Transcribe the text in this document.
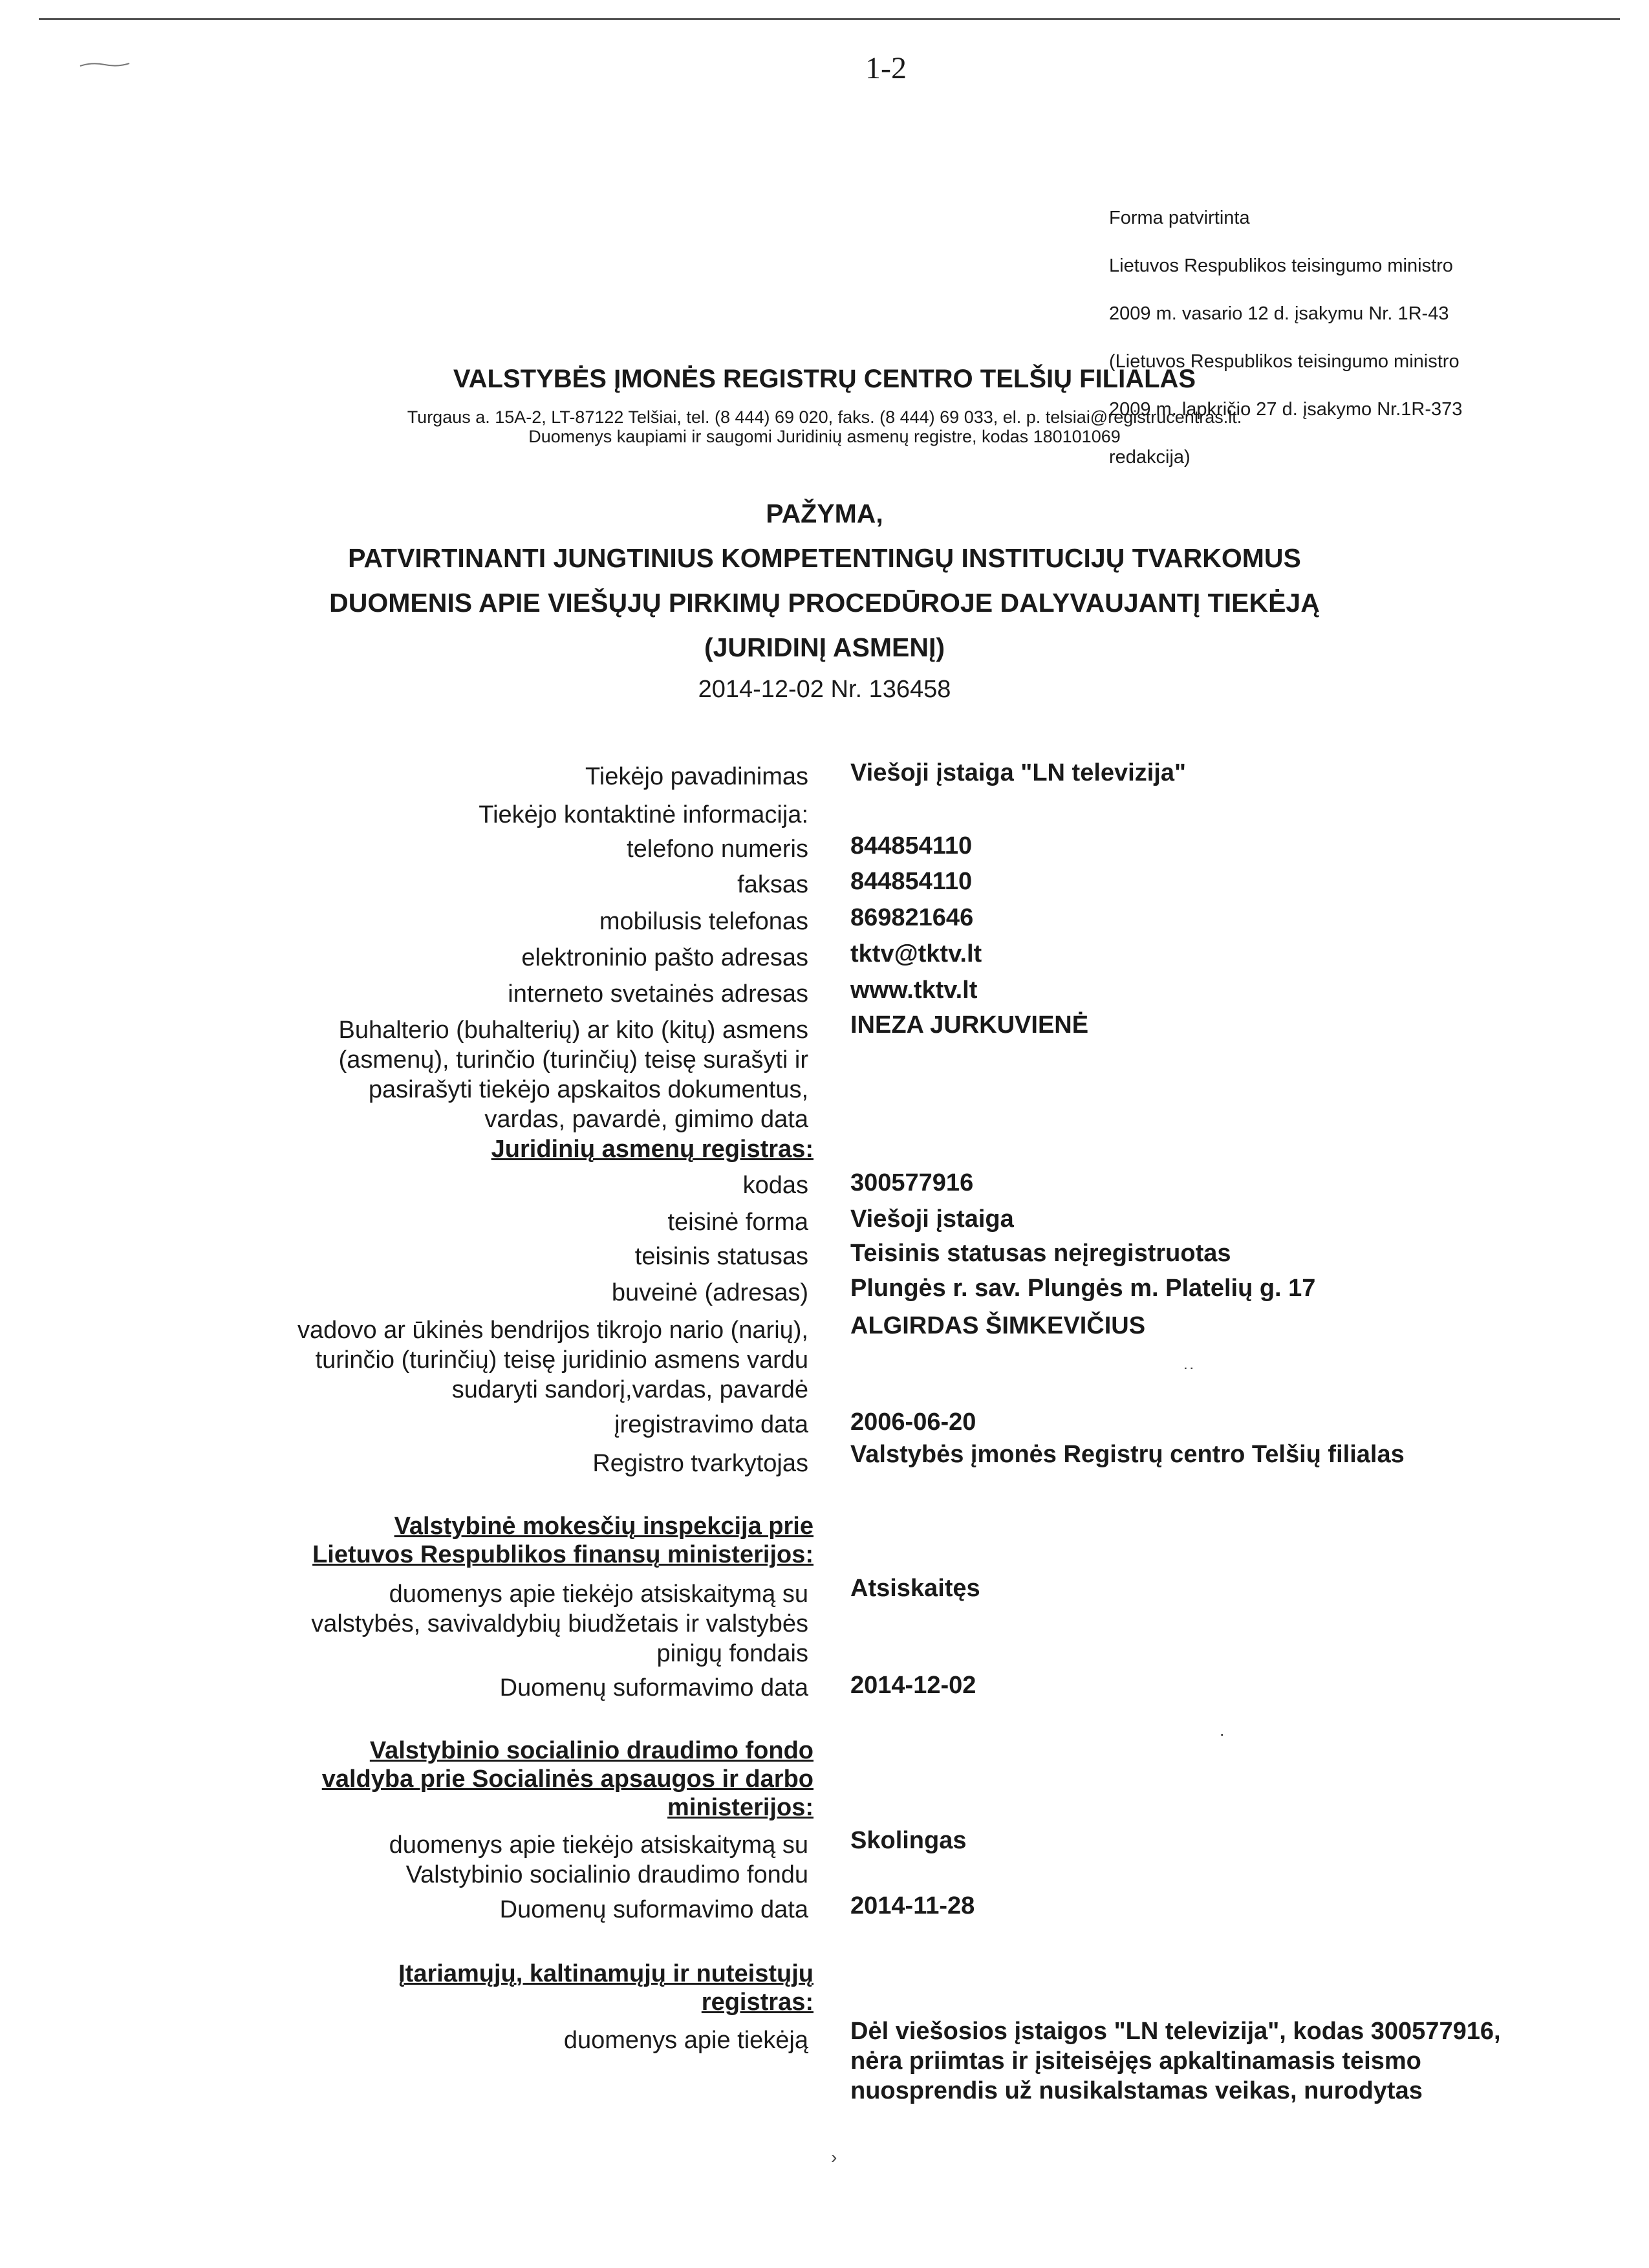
1-2

Forma patvirtinta

Lietuvos Respublikos teisingumo ministro

2009 m. vasario 12 d. įsakymu Nr. 1R-43

(Lietuvos Respublikos teisingumo ministro

2009 m. lapkričio 27 d. įsakymo Nr.1R-373

redakcija)

VALSTYBĖS ĮMONĖS REGISTRŲ CENTRO TELŠIŲ FILIALAS
Turgaus a. 15A-2, LT-87122 Telšiai, tel. (8 444) 69 020, faks. (8 444) 69 033, el. p. telsiai@registrucentras.lt.
Duomenys kaupiami ir saugomi Juridinių asmenų registre, kodas 180101069
PAŽYMA,
PATVIRTINANTI JUNGTINIUS KOMPETENTINGŲ INSTITUCIJŲ TVARKOMUS
DUOMENIS APIE VIEŠŲJŲ PIRKIMŲ PROCEDŪROJE DALYVAUJANTĮ TIEKĖJĄ
(JURIDINĮ ASMENĮ)
2014-12-02 Nr. 136458
Tiekėjo pavadinimas Viešoji įstaiga "LN televizija"
Tiekėjo kontaktinė informacija:
telefono numeris 844854110
faksas 844854110
mobilusis telefonas 869821646
elektroninio pašto adresas tktv@tktv.lt
interneto svetainės adresas www.tktv.lt
Buhalterio (buhalterių) ar kito (kitų) asmens
(asmenų), turinčio (turinčių) teisę surašyti ir
pasirašyti tiekėjo apskaitos dokumentus,
vardas, pavardė, gimimo data
INEZA JURKUVIENĖ
Juridinių asmenų registras:
kodas 300577916
teisinė forma Viešoji įstaiga
teisinis statusas Teisinis statusas neįregistruotas
buveinė (adresas) Plungės r. sav. Plungės m. Platelių g. 17
vadovo ar ūkinės bendrijos tikrojo nario (narių),
turinčio (turinčių) teisę juridinio asmens vardu
sudaryti sandorį,vardas, pavardė
ALGIRDAS ŠIMKEVIČIUS
įregistravimo data 2006-06-20
Registro tvarkytojas Valstybės įmonės Registrų centro Telšių filialas
Valstybinė mokesčių inspekcija prie
Lietuvos Respublikos finansų ministerijos:
duomenys apie tiekėjo atsiskaitymą su
valstybės, savivaldybių biudžetais ir valstybės
pinigų fondais
Atsiskaitęs
Duomenų suformavimo data 2014-12-02
Valstybinio socialinio draudimo fondo
valdyba prie Socialinės apsaugos ir darbo
ministerijos:
duomenys apie tiekėjo atsiskaitymą su
Valstybinio socialinio draudimo fondu
Skolingas
Duomenų suformavimo data 2014-11-28
Įtariamųjų, kaltinamųjų ir nuteistųjų
registras:
duomenys apie tiekėją Dėl viešosios įstaigos "LN televizija", kodas 300577916,
nėra priimtas ir įsiteisėjęs apkaltinamasis teismo
nuosprendis už nusikalstamas veikas, nurodytas
˙˙
·
›
